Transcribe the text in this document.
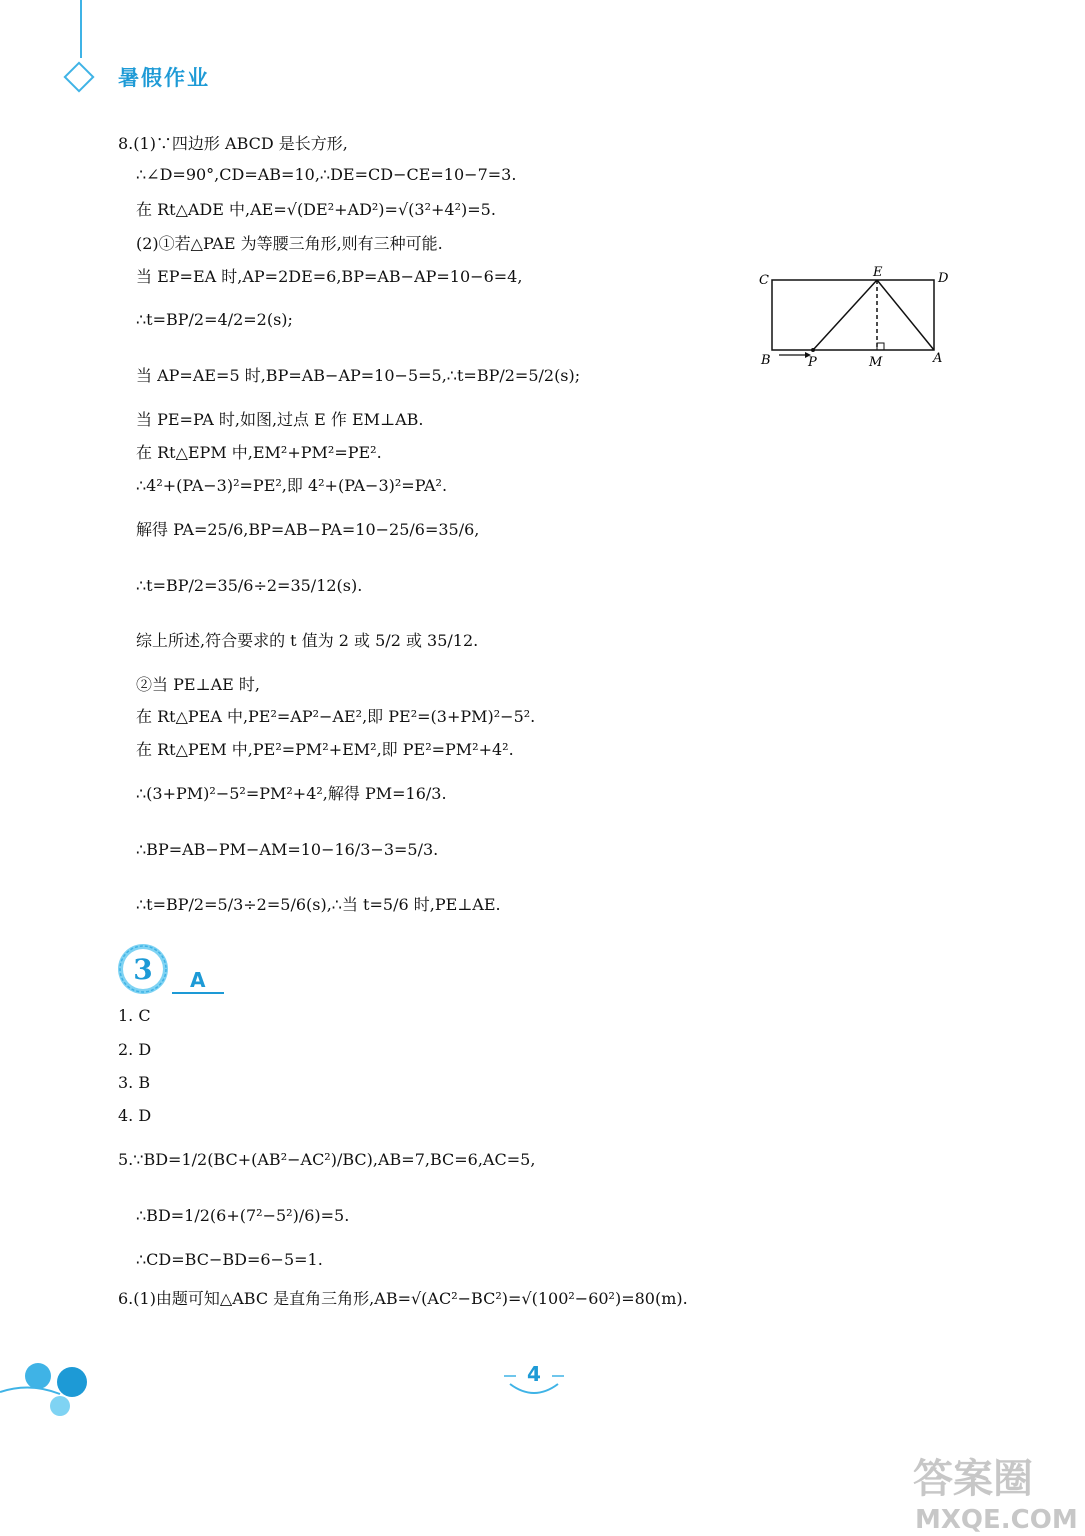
暑假作业
8.(1)∵四边形 ABCD 是长方形,
∴∠D=90°,CD=AB=10,∴DE=CD−CE=10−7=3.
在 Rt△ADE 中,AE=√(DE²+AD²)=√(3²+4²)=5.
(2)①若△PAE 为等腰三角形,则有三种可能.
当 EP=EA 时,AP=2DE=6,BP=AB−AP=10−6=4,
∴t=BP/2=4/2=2(s);
当 AP=AE=5 时,BP=AB−AP=10−5=5,∴t=BP/2=5/2(s);
当 PE=PA 时,如图,过点 E 作 EM⊥AB.
在 Rt△EPM 中,EM²+PM²=PE².
∴4²+(PA−3)²=PE²,即 4²+(PA−3)²=PA².
解得 PA=25/6,BP=AB−PA=10−25/6=35/6,
∴t=BP/2=35/6÷2=35/12(s).
综上所述,符合要求的 t 值为 2 或 5/2 或 35/12.
②当 PE⊥AE 时,
在 Rt△PEA 中,PE²=AP²−AE²,即 PE²=(3+PM)²−5².
在 Rt△PEM 中,PE²=PM²+EM²,即 PE²=PM²+4².
∴(3+PM)²−5²=PM²+4²,解得 PM=16/3.
∴BP=AB−PM−AM=10−16/3−3=5/3.
∴t=BP/2=5/3÷2=5/6(s),∴当 t=5/6 时,PE⊥AE.
C
E	D
B	P	M	A
3 A
1. C
2. D
3. B
4. D
5.∵BD=1/2(BC+(AB²−AC²)/BC),AB=7,BC=6,AC=5,
∴BD=1/2(6+(7²−5²)/6)=5.
∴CD=BC−BD=6−5=1.
6.(1)由题可知△ABC 是直角三角形,AB=√(AC²−BC²)=√(100²−60²)=80(m).
4
答案圈
MXQE.COM
